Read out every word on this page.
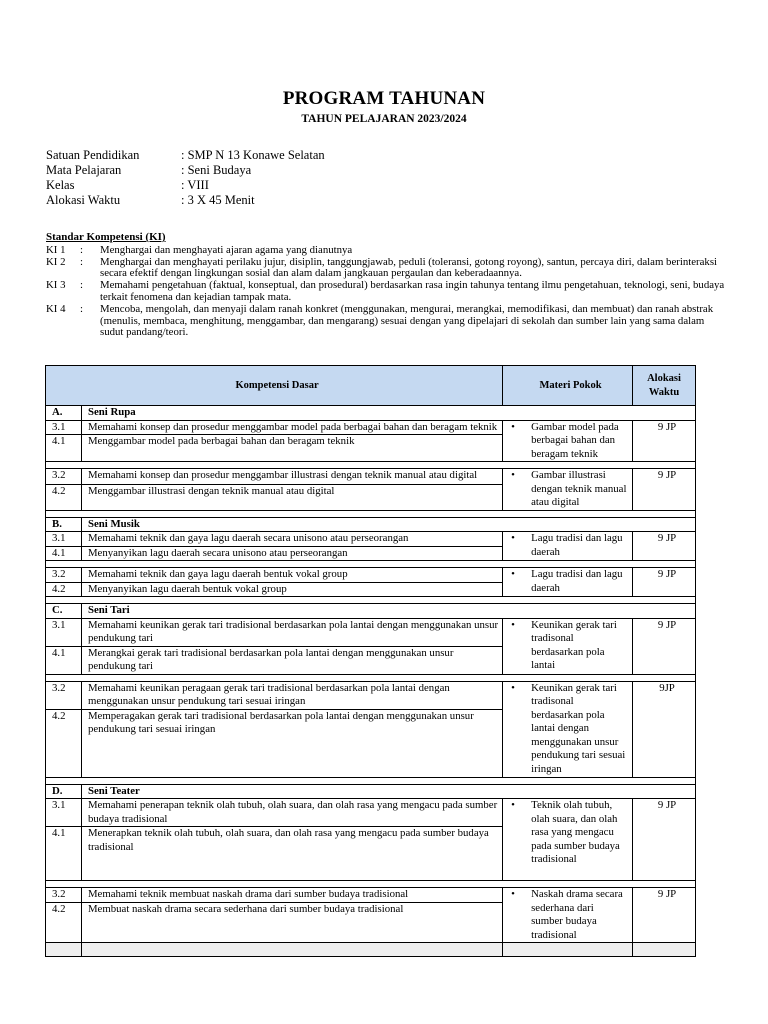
PROGRAM TAHUNAN
TAHUN PELAJARAN 2023/2024
Satuan Pendidikan	: SMP N 13 Konawe Selatan
Mata Pelajaran	: Seni Budaya
Kelas	: VIII
Alokasi Waktu	: 3 X 45 Menit
Standar Kompetensi (KI)
KI 1	:	Menghargai dan menghayati ajaran agama yang dianutnya
KI 2	:	Menghargai dan menghayati perilaku jujur, disiplin, tanggungjawab, peduli (toleransi, gotong royong), santun, percaya diri, dalam berinteraksi secara efektif dengan lingkungan sosial dan alam dalam jangkauan pergaulan dan keberadaannya.
KI 3	:	Memahami pengetahuan (faktual, konseptual, dan prosedural) berdasarkan rasa ingin tahunya tentang ilmu pengetahuan, teknologi, seni, budaya terkait fenomena dan kejadian tampak mata.
KI 4	:	Mencoba, mengolah, dan menyaji dalam ranah konkret (menggunakan, mengurai, merangkai, memodifikasi, dan membuat) dan ranah abstrak (menulis, membaca, menghitung, menggambar, dan mengarang) sesuai dengan yang dipelajari di sekolah dan sumber lain yang sama dalam sudut pandang/teori.
Kompetensi Dasar		Materi Pokok	Alokasi Waktu
A.	Seni Rupa		
3.1	Memahami konsep dan prosedur menggambar model pada berbagai bahan dan beragam teknik	• Gambar model pada berbagai bahan dan beragam teknik	9 JP
4.1	Menggambar model pada berbagai bahan dan beragam teknik		

3.2	Memahami konsep dan prosedur menggambar illustrasi dengan teknik manual atau digital	• Gambar illustrasi dengan teknik manual atau digital	9 JP
4.2	Menggambar illustrasi dengan teknik manual atau digital		

B.	Seni Musik		
3.1	Memahami teknik dan gaya lagu daerah secara unisono atau perseorangan	• Lagu tradisi dan lagu daerah	9 JP
4.1	Menyanyikan lagu daerah secara unisono atau perseorangan		

3.2	Memahami teknik dan gaya lagu daerah bentuk vokal group	• Lagu tradisi dan lagu daerah	9 JP
4.2	Menyanyikan lagu daerah bentuk vokal group		

C.	Seni Tari		
3.1	Memahami keunikan gerak tari tradisional berdasarkan pola lantai dengan menggunakan unsur pendukung tari	• Keunikan gerak tari tradisonal berdasarkan pola lantai	9 JP
4.1	Merangkai gerak tari tradisional berdasarkan pola lantai dengan menggunakan unsur pendukung tari		

3.2	Memahami keunikan peragaan gerak tari tradisional berdasarkan pola lantai dengan menggunakan unsur pendukung tari sesuai iringan	• Keunikan gerak tari tradisonal berdasarkan pola lantai dengan menggunakan unsur pendukung tari sesuai iringan	9JP
4.2	Memperagakan gerak tari tradisional berdasarkan pola lantai dengan menggunakan unsur pendukung tari sesuai iringan		

D.	Seni Teater		
3.1	Memahami penerapan teknik olah tubuh, olah suara, dan olah rasa yang mengacu pada sumber budaya tradisional	• Teknik olah tubuh, olah suara, dan olah rasa yang mengacu pada sumber budaya tradisional	9 JP
4.1	Menerapkan teknik olah tubuh, olah suara, dan olah rasa yang mengacu pada sumber budaya tradisional		

3.2	Memahami teknik membuat naskah drama dari sumber budaya tradisional	• Naskah drama secara sederhana dari sumber budaya tradisional	9 JP
4.2	Membuat naskah drama secara sederhana dari sumber budaya tradisional		
